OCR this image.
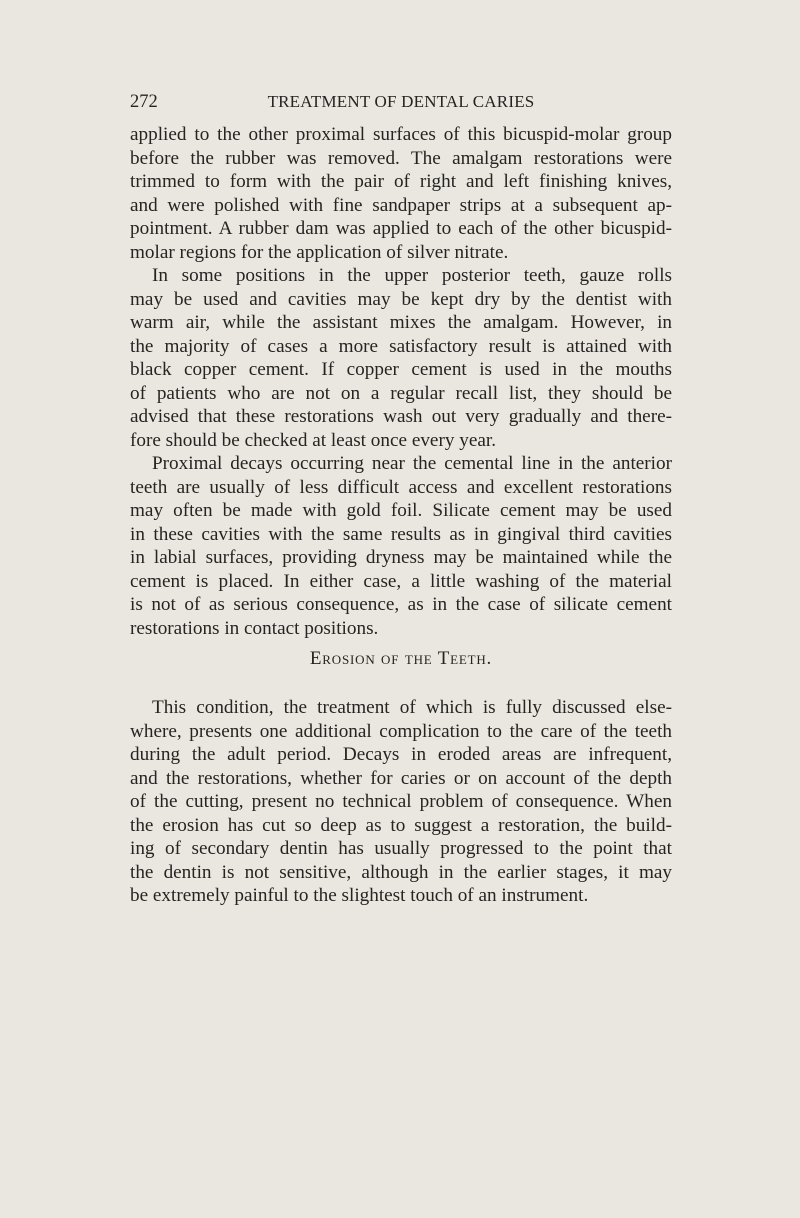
272	TREATMENT OF DENTAL CARIES
applied to the other proximal surfaces of this bicuspid-molar group
before the rubber was removed. The amalgam restorations were
trimmed to form with the pair of right and left finishing knives,
and were polished with fine sandpaper strips at a subsequent ap-
pointment. A rubber dam was applied to each of the other bicuspid-
molar regions for the application of silver nitrate.
In some positions in the upper posterior teeth, gauze rolls
may be used and cavities may be kept dry by the dentist with
warm air, while the assistant mixes the amalgam. However, in
the majority of cases a more satisfactory result is attained with
black copper cement. If copper cement is used in the mouths
of patients who are not on a regular recall list, they should be
advised that these restorations wash out very gradually and there-
fore should be checked at least once every year.
Proximal decays occurring near the cemental line in the anterior
teeth are usually of less difficult access and excellent restorations
may often be made with gold foil. Silicate cement may be used
in these cavities with the same results as in gingival third cavities
in labial surfaces, providing dryness may be maintained while the
cement is placed. In either case, a little washing of the material
is not of as serious consequence, as in the case of silicate cement
restorations in contact positions.
Erosion of the Teeth.
This condition, the treatment of which is fully discussed else-
where, presents one additional complication to the care of the teeth
during the adult period. Decays in eroded areas are infrequent,
and the restorations, whether for caries or on account of the depth
of the cutting, present no technical problem of consequence. When
the erosion has cut so deep as to suggest a restoration, the build-
ing of secondary dentin has usually progressed to the point that
the dentin is not sensitive, although in the earlier stages, it may
be extremely painful to the slightest touch of an instrument.
